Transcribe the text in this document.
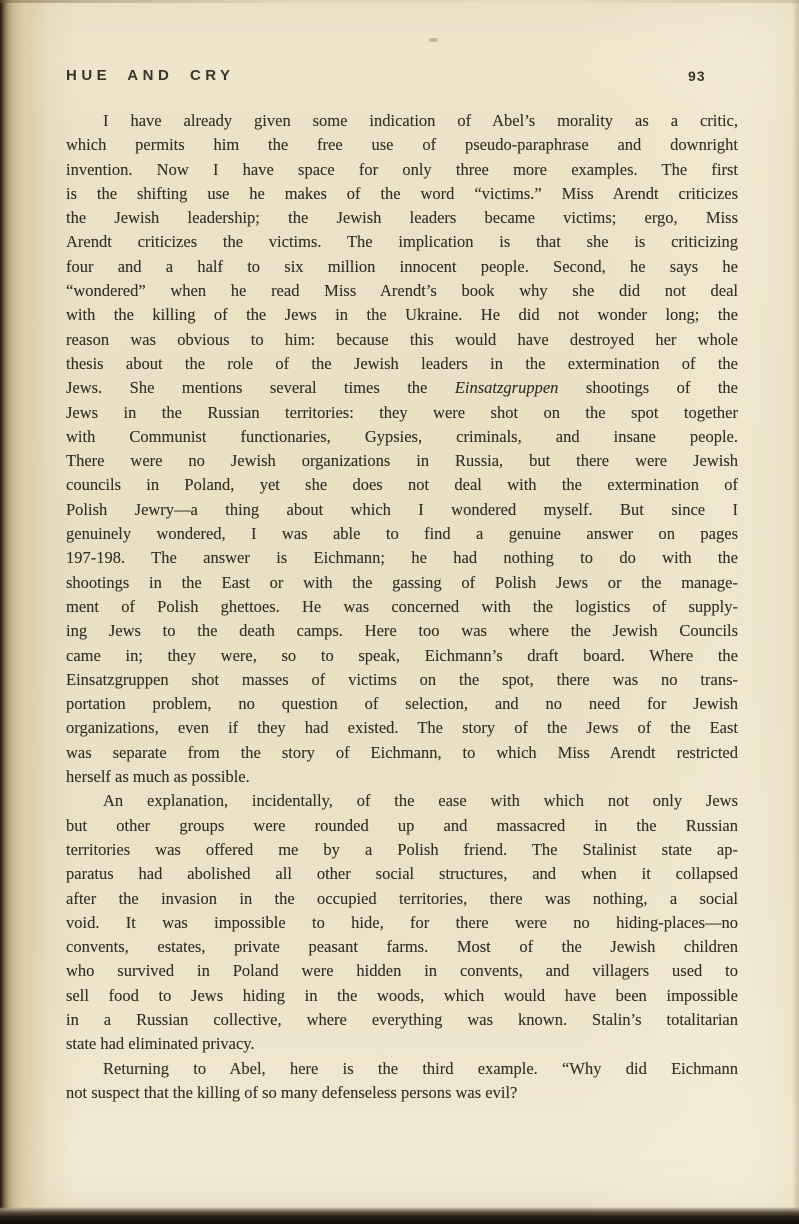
HUE AND CRY	93
I have already given some indication of Abel’s morality as a critic,
which permits him the free use of pseudo-paraphrase and downright
invention. Now I have space for only three more examples. The first
is the shifting use he makes of the word “victims.” Miss Arendt criticizes
the Jewish leadership; the Jewish leaders became victims; ergo, Miss
Arendt criticizes the victims. The implication is that she is criticizing
four and a half to six million innocent people. Second, he says he
“wondered” when he read Miss Arendt’s book why she did not deal
with the killing of the Jews in the Ukraine. He did not wonder long; the
reason was obvious to him: because this would have destroyed her whole
thesis about the role of the Jewish leaders in the extermination of the
Jews. She mentions several times the Einsatzgruppen shootings of the
Jews in the Russian territories: they were shot on the spot together
with Communist functionaries, Gypsies, criminals, and insane people.
There were no Jewish organizations in Russia, but there were Jewish
councils in Poland, yet she does not deal with the extermination of
Polish Jewry—a thing about which I wondered myself. But since I
genuinely wondered, I was able to find a genuine answer on pages
197-198. The answer is Eichmann; he had nothing to do with the
shootings in the East or with the gassing of Polish Jews or the manage-
ment of Polish ghettoes. He was concerned with the logistics of supply-
ing Jews to the death camps. Here too was where the Jewish Councils
came in; they were, so to speak, Eichmann’s draft board. Where the
Einsatzgruppen shot masses of victims on the spot, there was no trans-
portation problem, no question of selection, and no need for Jewish
organizations, even if they had existed. The story of the Jews of the East
was separate from the story of Eichmann, to which Miss Arendt restricted
herself as much as possible.
An explanation, incidentally, of the ease with which not only Jews
but other groups were rounded up and massacred in the Russian
territories was offered me by a Polish friend. The Stalinist state ap-
paratus had abolished all other social structures, and when it collapsed
after the invasion in the occupied territories, there was nothing, a social
void. It was impossible to hide, for there were no hiding-places—no
convents, estates, private peasant farms. Most of the Jewish children
who survived in Poland were hidden in convents, and villagers used to
sell food to Jews hiding in the woods, which would have been impossible
in a Russian collective, where everything was known. Stalin’s totalitarian
state had eliminated privacy.
Returning to Abel, here is the third example. “Why did Eichmann
not suspect that the killing of so many defenseless persons was evil?
